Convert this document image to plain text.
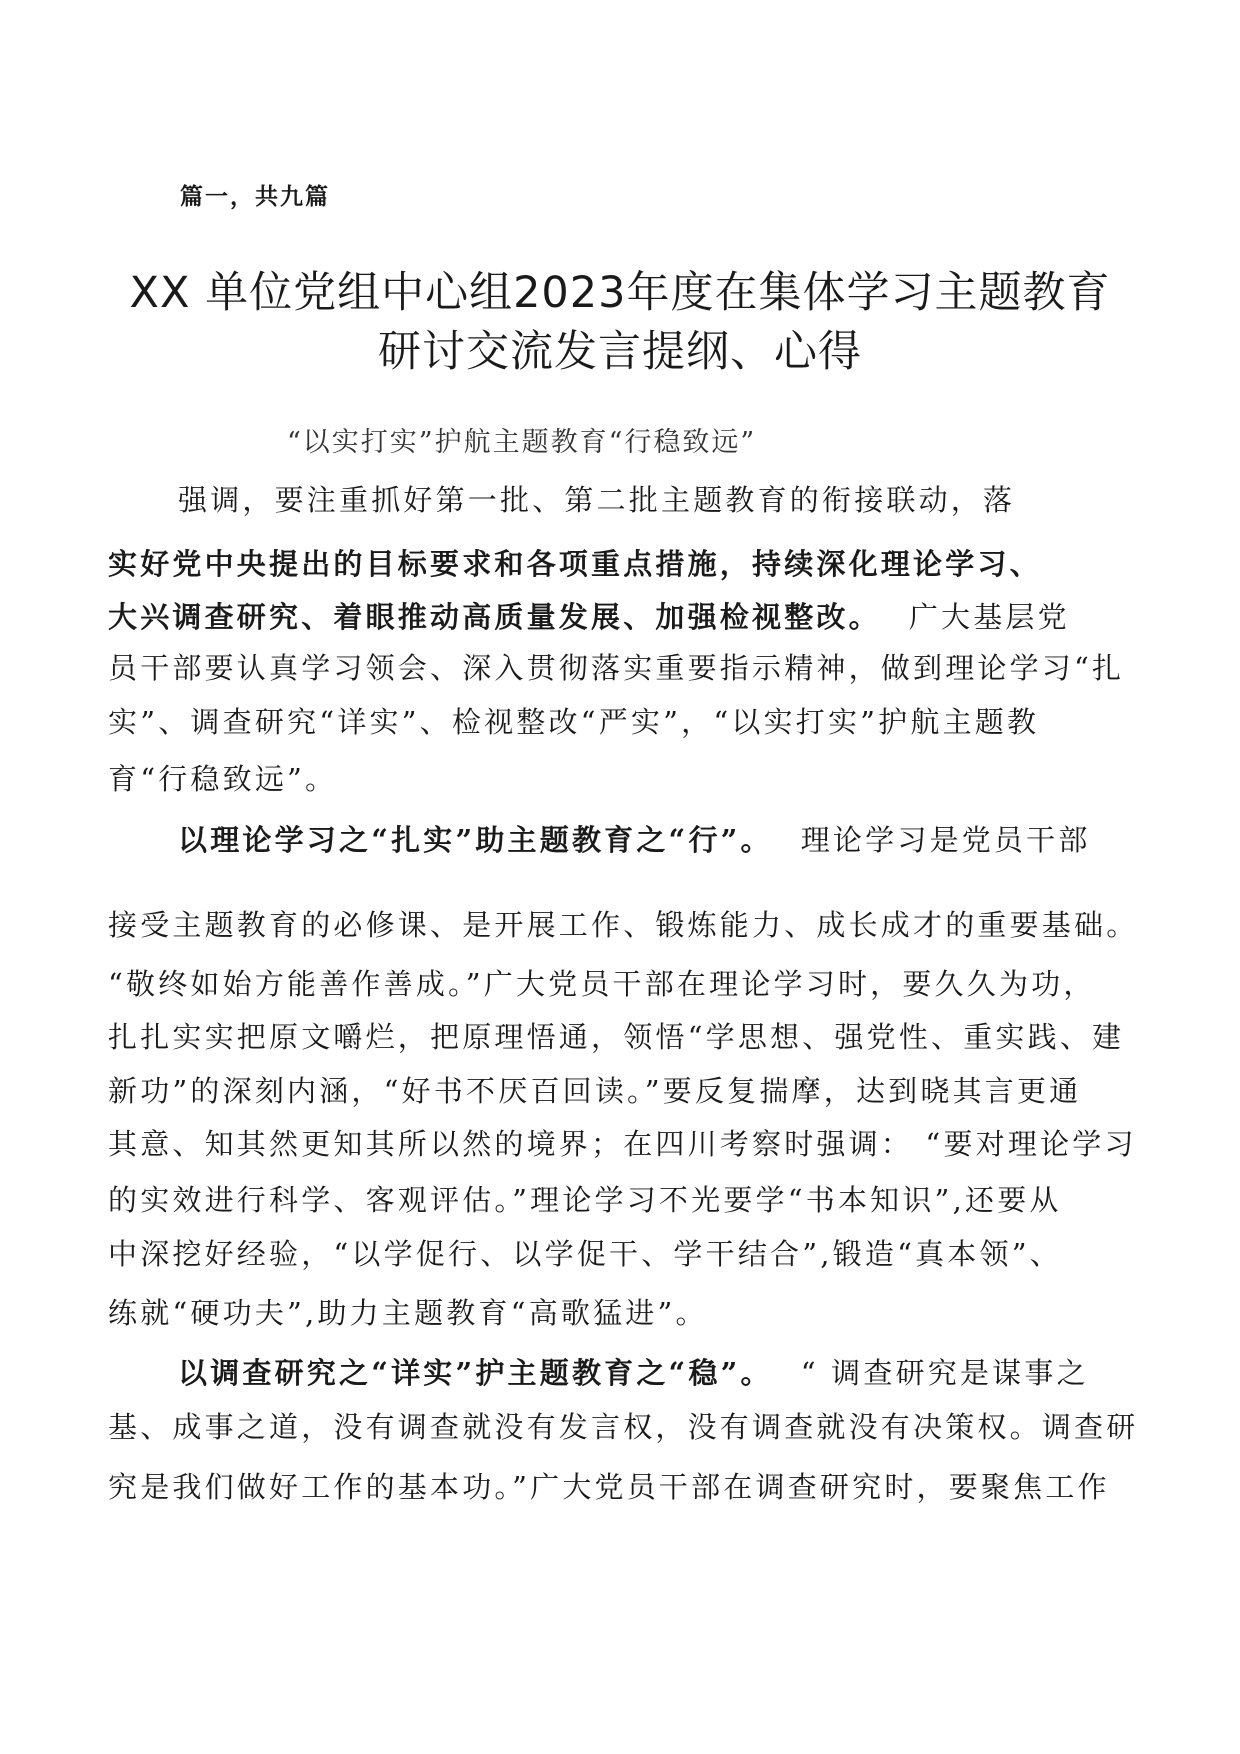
篇一，共九篇
XX 单位党组中心组2023年度在集体学习主题教育
研讨交流发言提纲、心得
“以实打实”护航主题教育“行稳致远”
强调，要注重抓好第一批、第二批主题教育的衔接联动，落
实好党中央提出的目标要求和各项重点措施，持续深化理论学习、
大兴调查研究、着眼推动高质量发展、加强检视整改。 广大基层党
员干部要认真学习领会、深入贯彻落实重要指示精神，做到理论学习“扎
实”、调查研究“详实”、检视整改“严实”，“以实打实”护航主题教
育“行稳致远”。
以理论学习之“扎实”助主题教育之“行”。 理论学习是党员干部
接受主题教育的必修课、是开展工作、锻炼能力、成长成才的重要基础。
“敬终如始方能善作善成。”广大党员干部在理论学习时，要久久为功，
扎扎实实把原文嚼烂，把原理悟通，领悟“学思想、强党性、重实践、建
新功”的深刻内涵，“好书不厌百回读。”要反复揣摩，达到晓其言更通
其意、知其然更知其所以然的境界；在四川考察时强调： “要对理论学习
的实效进行科学、客观评估。”理论学习不光要学“书本知识”,还要从
中深挖好经验，“以学促行、以学促干、学干结合”,锻造“真本领”、
练就“硬功夫”,助力主题教育“高歌猛进”。
以调查研究之“详实”护主题教育之“稳”。 “ 调查研究是谋事之
基、成事之道，没有调查就没有发言权，没有调查就没有决策权。调查研
究是我们做好工作的基本功。”广大党员干部在调查研究时，要聚焦工作
